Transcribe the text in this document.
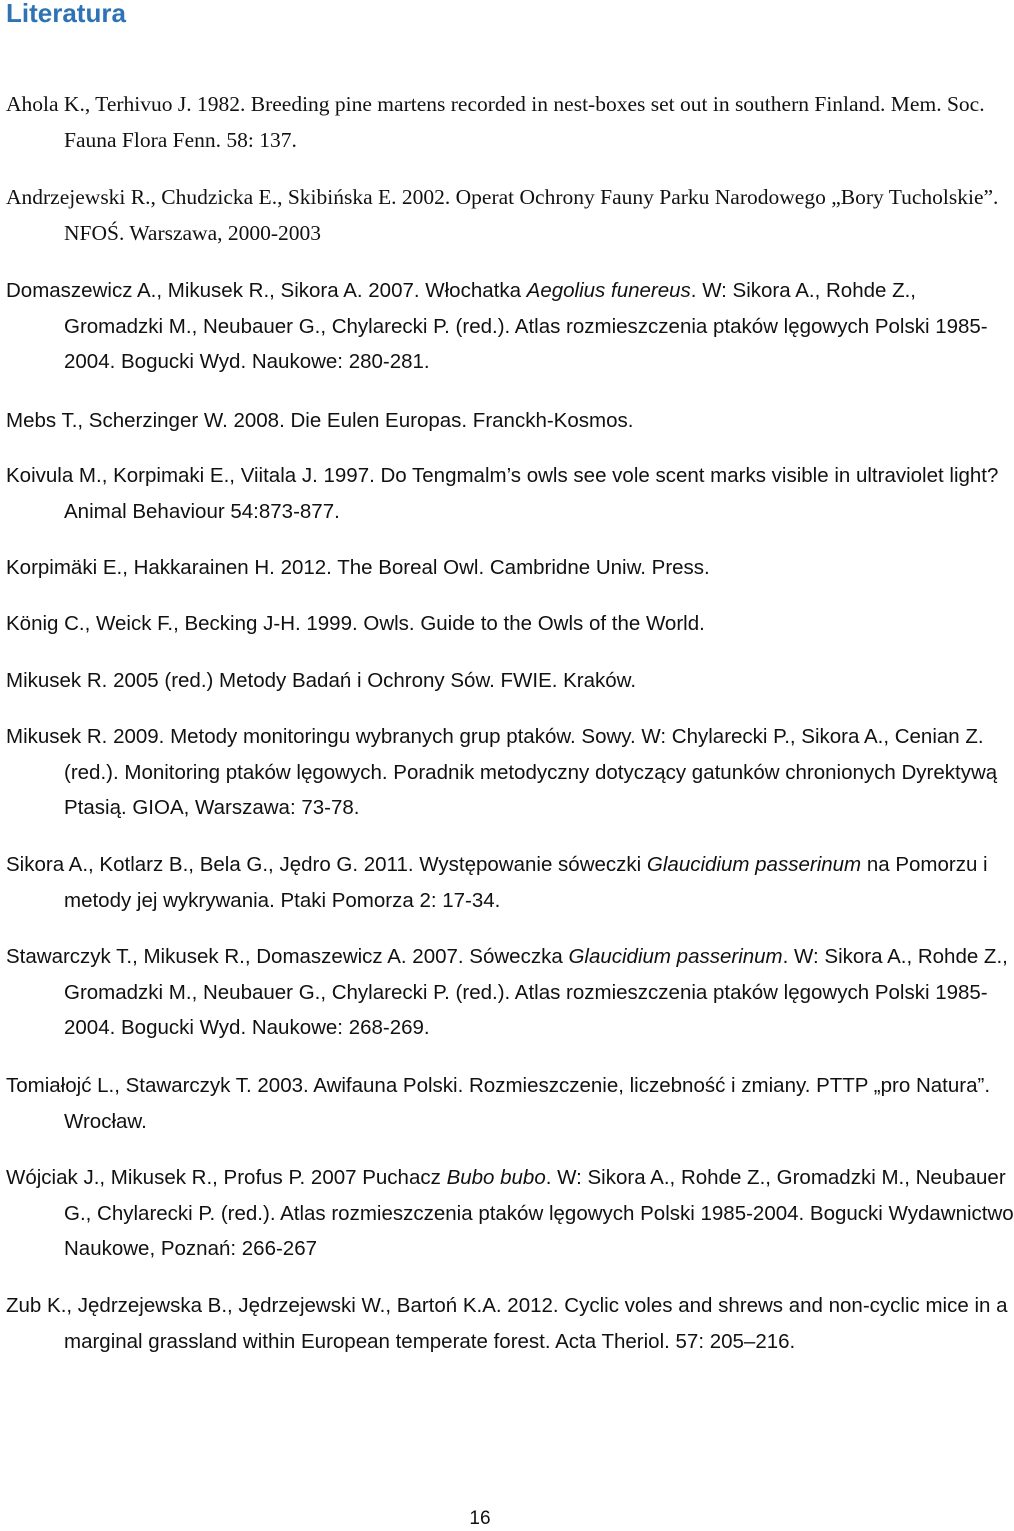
Literatura

Ahola K., Terhivuo J. 1982. Breeding pine martens recorded in nest-boxes set out in southern Finland. Mem. Soc. Fauna Flora Fenn. 58: 137.

Andrzejewski R., Chudzicka E., Skibińska E. 2002. Operat Ochrony Fauny Parku Narodowego „Bory Tucholskie”. NFOŚ. Warszawa, 2000-2003

Domaszewicz A., Mikusek R., Sikora A. 2007. Włochatka Aegolius funereus. W: Sikora A., Rohde Z., Gromadzki M., Neubauer G., Chylarecki P. (red.). Atlas rozmieszczenia ptaków lęgowych Polski 1985-2004. Bogucki Wyd. Naukowe: 280-281.

Mebs T., Scherzinger W. 2008. Die Eulen Europas. Franckh-Kosmos.

Koivula M., Korpimaki E., Viitala J. 1997. Do Tengmalm’s owls see vole scent marks visible in ultraviolet light? Animal Behaviour 54:873-877.

Korpimäki E., Hakkarainen H. 2012. The Boreal Owl. Cambridne Uniw. Press.

König C., Weick F., Becking J-H. 1999. Owls. Guide to the Owls of the World.

Mikusek R. 2005 (red.) Metody Badań i Ochrony Sów. FWIE. Kraków.

Mikusek R. 2009. Metody monitoringu wybranych grup ptaków. Sowy. W: Chylarecki P., Sikora A., Cenian Z. (red.). Monitoring ptaków lęgowych. Poradnik metodyczny dotyczący gatunków chronionych Dyrektywą Ptasią. GIOA, Warszawa: 73-78.

Sikora A., Kotlarz B., Bela G., Jędro G. 2011. Występowanie sóweczki Glaucidium passerinum na Pomorzu i metody jej wykrywania. Ptaki Pomorza 2: 17-34.

Stawarczyk T., Mikusek R., Domaszewicz A. 2007. Sóweczka Glaucidium passerinum. W: Sikora A., Rohde Z., Gromadzki M., Neubauer G., Chylarecki P. (red.). Atlas rozmieszczenia ptaków lęgowych Polski 1985-2004. Bogucki Wyd. Naukowe: 268-269.

Tomiałojć L., Stawarczyk T. 2003. Awifauna Polski. Rozmieszczenie, liczebność i zmiany. PTTP „pro Natura”. Wrocław.

Wójciak J., Mikusek R., Profus P. 2007 Puchacz Bubo bubo. W: Sikora A., Rohde Z., Gromadzki M., Neubauer G., Chylarecki P. (red.). Atlas rozmieszczenia ptaków lęgowych Polski 1985-2004. Bogucki Wydawnictwo Naukowe, Poznań: 266-267

Zub K., Jędrzejewska B., Jędrzejewski W., Bartoń K.A. 2012. Cyclic voles and shrews and non-cyclic mice in a marginal grassland within European temperate forest. Acta Theriol. 57: 205–216.

16
